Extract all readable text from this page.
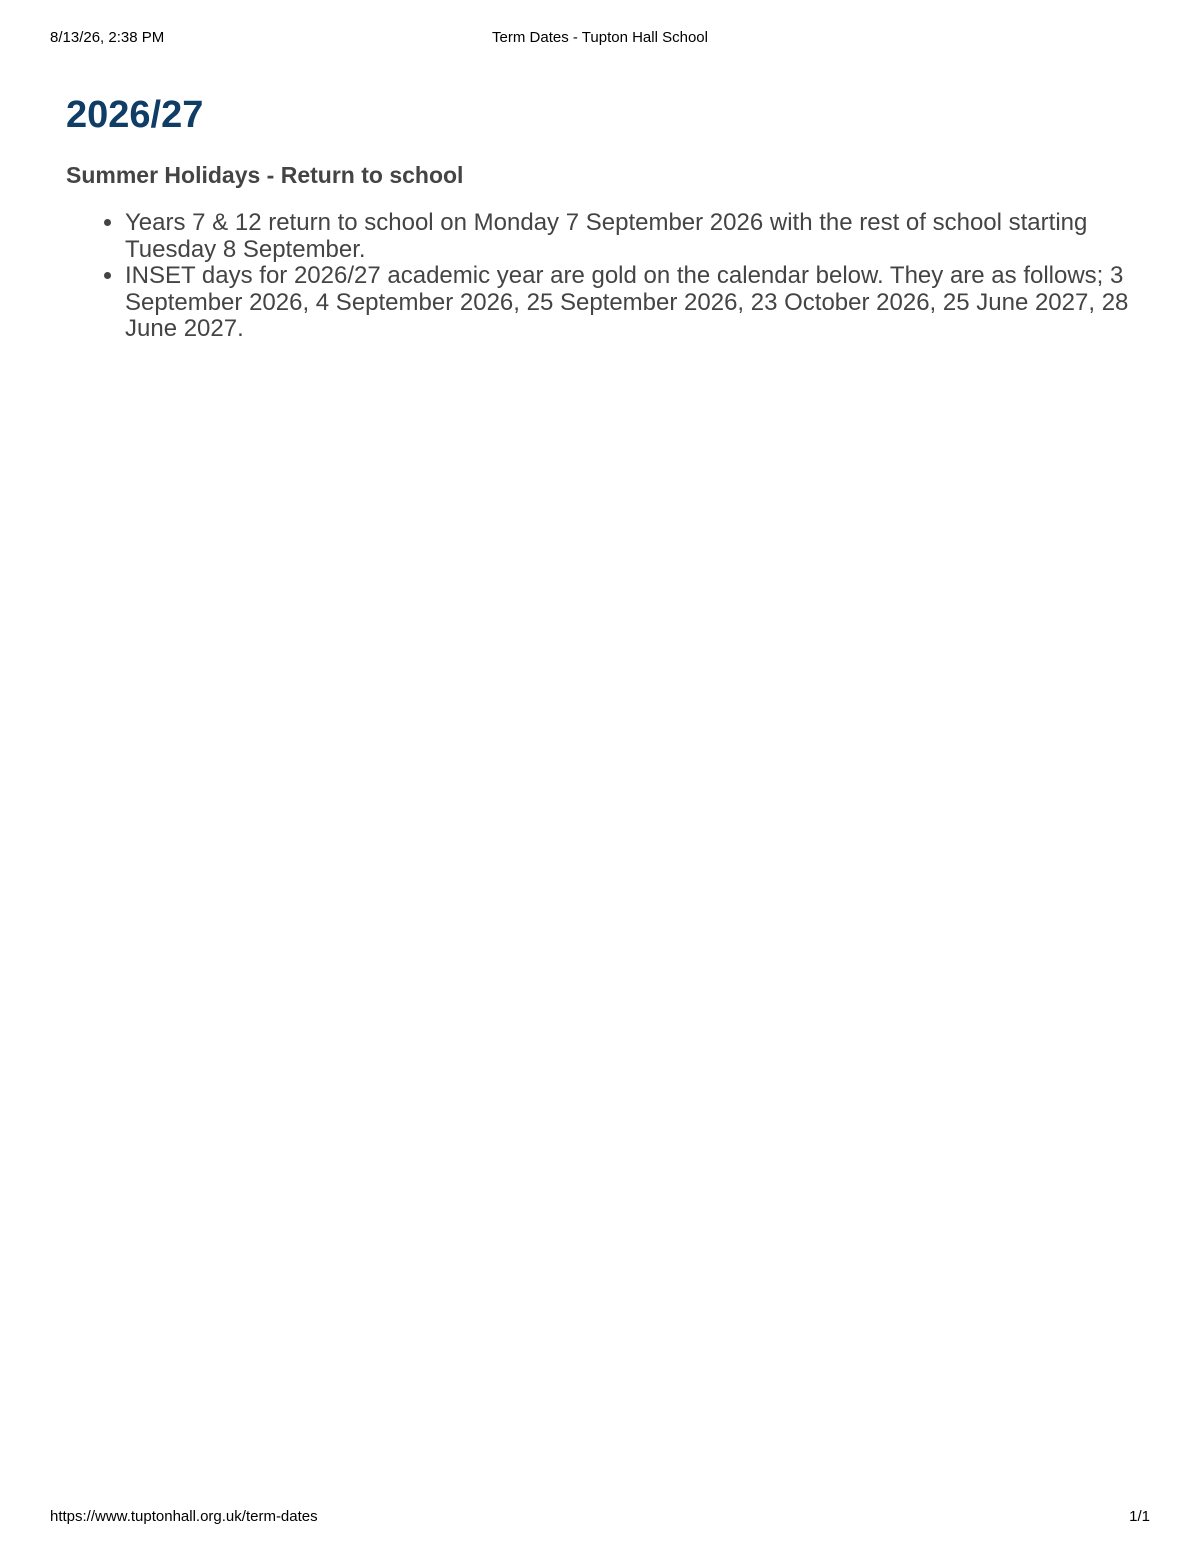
8/13/26, 2:38 PM	Term Dates - Tupton Hall School
2026/27
Summer Holidays - Return to school
• Years 7 & 12 return to school on Monday 7 September 2026 with the rest of school starting Tuesday 8 September.
• INSET days for 2026/27 academic year are gold on the calendar below. They are as follows; 3 September 2026, 4 September 2026, 25 September 2026, 23 October 2026, 25 June 2027, 28 June 2027.
https://www.tuptonhall.org.uk/term-dates	1/1
